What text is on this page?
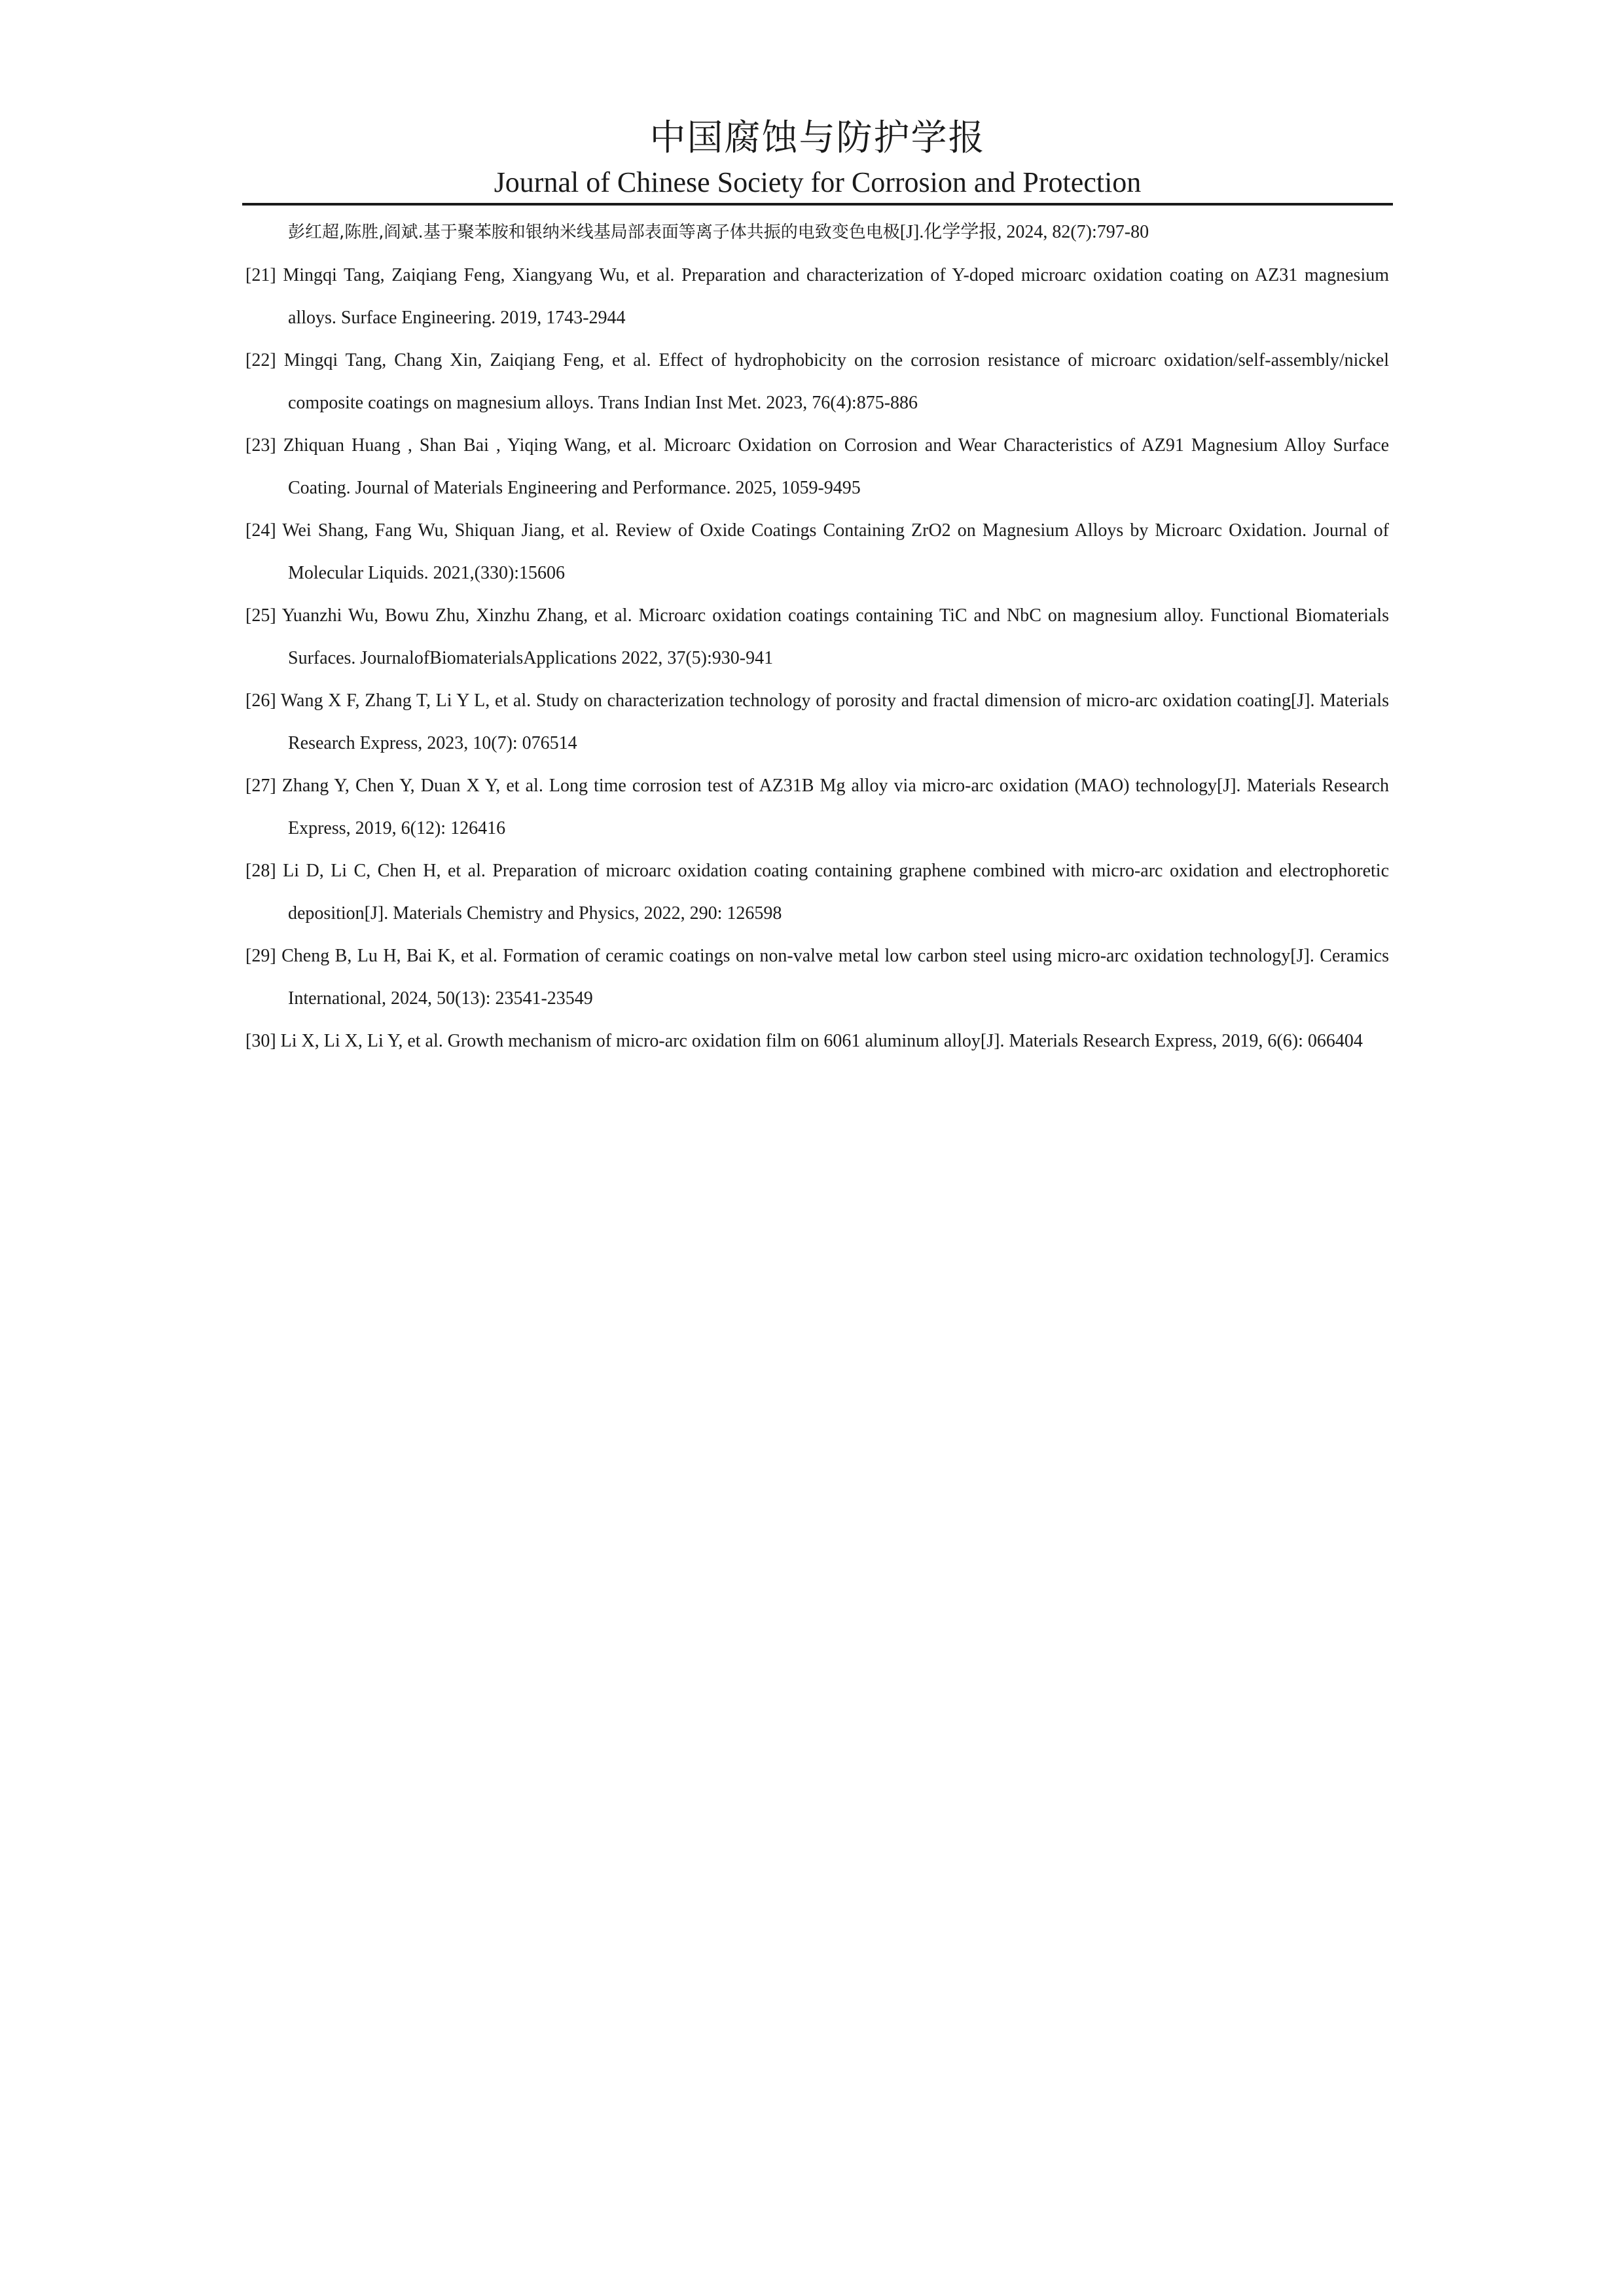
中国腐蚀与防护学报
Journal of Chinese Society for Corrosion and Protection
彭红超,陈胜,阎斌.基于聚苯胺和银纳米线基局部表面等离子体共振的电致变色电极[J].化学学报, 2024, 82(7):797-80
[21] Mingqi Tang, Zaiqiang Feng, Xiangyang Wu, et al. Preparation and characterization of Y-doped microarc oxidation coating on AZ31 magnesium alloys. Surface Engineering. 2019, 1743-2944
[22] Mingqi Tang, Chang Xin, Zaiqiang Feng, et al. Effect of hydrophobicity on the corrosion resistance of microarc oxidation/self-assembly/nickel composite coatings on magnesium alloys. Trans Indian Inst Met. 2023, 76(4):875-886
[23] Zhiquan Huang , Shan Bai , Yiqing Wang, et al. Microarc Oxidation on Corrosion and Wear Characteristics of AZ91 Magnesium Alloy Surface Coating. Journal of Materials Engineering and Performance. 2025, 1059-9495
[24] Wei Shang, Fang Wu, Shiquan Jiang, et al. Review of Oxide Coatings Containing ZrO2 on Magnesium Alloys by Microarc Oxidation. Journal of Molecular Liquids. 2021,(330):15606
[25] Yuanzhi Wu, Bowu Zhu, Xinzhu Zhang, et al. Microarc oxidation coatings containing TiC and NbC on magnesium alloy. Functional Biomaterials Surfaces. JournalofBiomaterialsApplications 2022, 37(5):930-941
[26] Wang X F, Zhang T, Li Y L, et al. Study on characterization technology of porosity and fractal dimension of micro-arc oxidation coating[J]. Materials Research Express, 2023, 10(7): 076514
[27] Zhang Y, Chen Y, Duan X Y, et al. Long time corrosion test of AZ31B Mg alloy via micro-arc oxidation (MAO) technology[J]. Materials Research Express, 2019, 6(12): 126416
[28] Li D, Li C, Chen H, et al. Preparation of microarc oxidation coating containing graphene combined with micro-arc oxidation and electrophoretic deposition[J]. Materials Chemistry and Physics, 2022, 290: 126598
[29] Cheng B, Lu H, Bai K, et al. Formation of ceramic coatings on non-valve metal low carbon steel using micro-arc oxidation technology[J]. Ceramics International, 2024, 50(13): 23541-23549
[30] Li X, Li X, Li Y, et al. Growth mechanism of micro-arc oxidation film on 6061 aluminum alloy[J]. Materials Research Express, 2019, 6(6): 066404
